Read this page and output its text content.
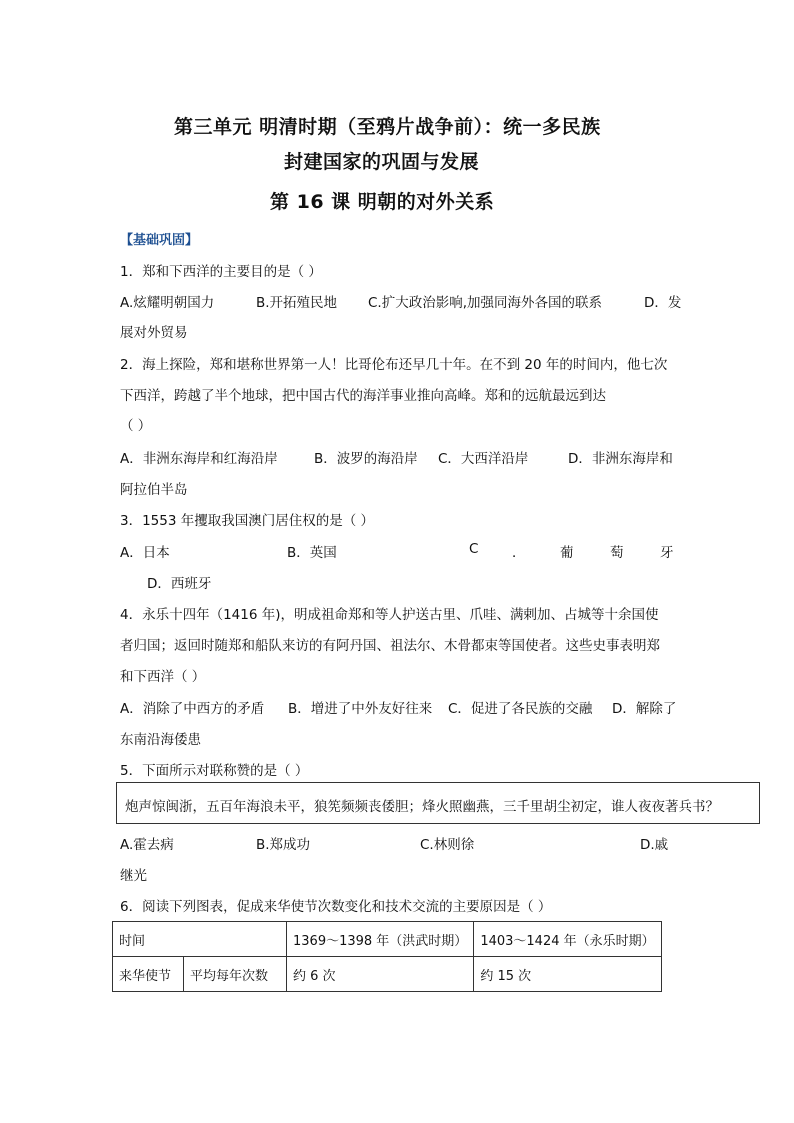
第三单元 明清时期（至鸦片战争前）：统一多民族
封建国家的巩固与发展
第 16 课 明朝的对外关系
【基础巩固】
1．郑和下西洋的主要目的是（ ）
A.炫耀明朝国力	B.开拓殖民地 C.扩大政治影响,加强同海外各国的联系	D．发
展对外贸易
2．海上探险，郑和堪称世界第一人！比哥伦布还早几十年。在不到 20 年的时间内，他七次
下西洋，跨越了半个地球，把中国古代的海洋事业推向高峰。郑和的远航最远到达
（ ）
A．非洲东海岸和红海沿岸	B．波罗的海沿岸 C．大西洋沿岸	D．非洲东海岸和
阿拉伯半岛
3．1553 年攫取我国澳门居住权的是（ ）
A．日本	B．英国	C ．	葡	萄	牙
D．西班牙
4．永乐十四年（1416 年)，明成祖命郑和等人护送古里、爪哇、满剌加、占城等十余国使
者归国；返回时随郑和船队来访的有阿丹国、祖法尔、木骨都束等国使者。这些史事表明郑
和下西洋（ ）
A．消除了中西方的矛盾 B．增进了中外友好往来 C．促进了各民族的交融 D．解除了
东南沿海倭患
5．下面所示对联称赞的是（ ）
炮声惊闽浙，五百年海浪未平，狼筅频频丧倭胆；烽火照幽燕，三千里胡尘初定，谁人夜夜著兵书？
A.霍去病	B.郑成功	C.林则徐	D.戚
继光
6．阅读下列图表，促成来华使节次数变化和技术交流的主要原因是（ ）
时间		1369～1398 年（洪武时期）	1403～1424 年（永乐时期）
来华使节	平均每年次数	约 6 次	约 15 次
